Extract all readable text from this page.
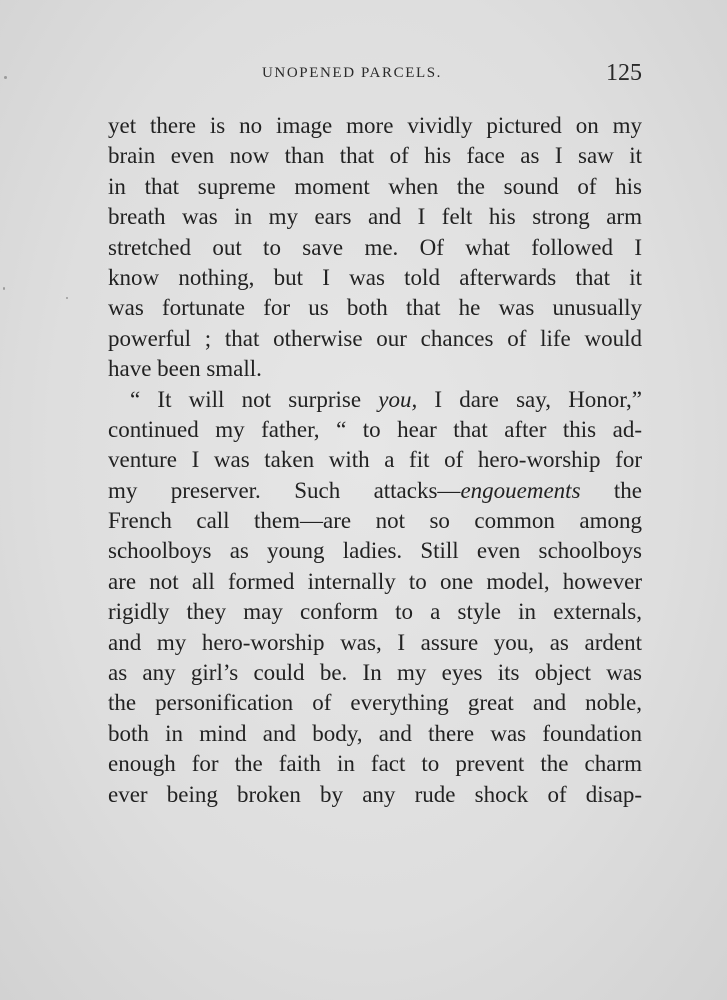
UNOPENED PARCELS.	125
yet there is no image more vividly pictured on my
brain even now than that of his face as I saw it
in that supreme moment when the sound of his
breath was in my ears and I felt his strong arm
stretched out to save me. Of what followed I
know nothing, but I was told afterwards that it
was fortunate for us both that he was unusually
powerful ; that otherwise our chances of life would
have been small.
“ It will not surprise you, I dare say, Honor,”
continued my father, “ to hear that after this ad-
venture I was taken with a fit of hero-worship for
my preserver. Such attacks—engouements the
French call them—are not so common among
schoolboys as young ladies. Still even schoolboys
are not all formed internally to one model, however
rigidly they may conform to a style in externals,
and my hero-worship was, I assure you, as ardent
as any girl’s could be. In my eyes its object was
the personification of everything great and noble,
both in mind and body, and there was foundation
enough for the faith in fact to prevent the charm
ever being broken by any rude shock of disap-
